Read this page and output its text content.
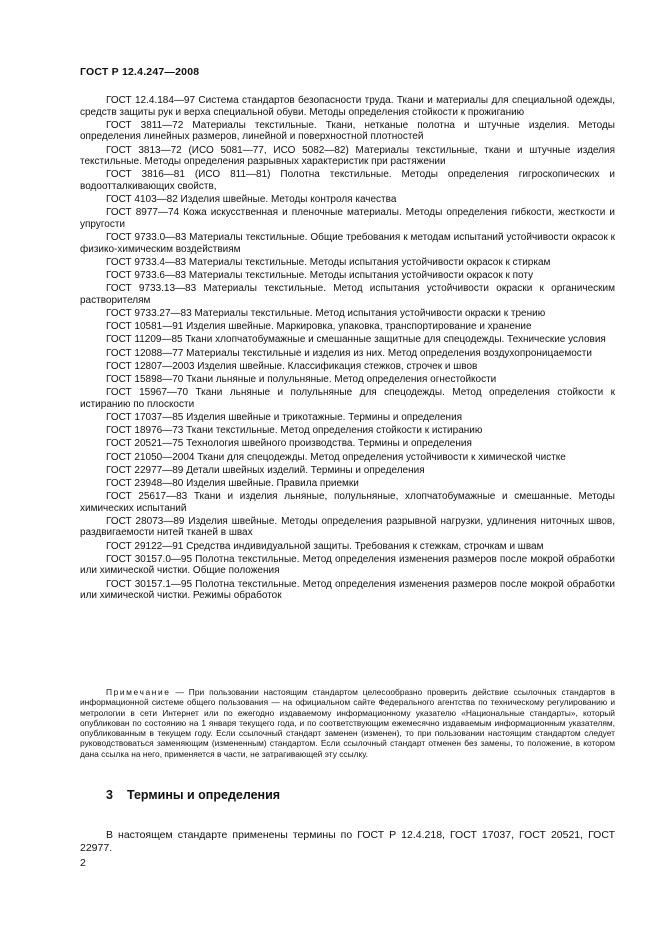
ГОСТ Р 12.4.247—2008

ГОСТ 12.4.184—97 Система стандартов безопасности труда. Ткани и материалы для специальной одежды, средств защиты рук и верха специальной обуви. Методы определения стойкости к прожиганию

ГОСТ 3811—72 Материалы текстильные. Ткани, нетканые полотна и штучные изделия. Методы определения линейных размеров, линейной и поверхностной плотностей

ГОСТ 3813—72 (ИСО 5081—77, ИСО 5082—82) Материалы текстильные, ткани и штучные изделия текстильные. Методы определения разрывных характеристик при растяжении

ГОСТ 3816—81 (ИСО 811—81) Полотна текстильные. Методы определения гигроскопических и водоотталкивающих свойств,

ГОСТ 4103—82 Изделия швейные. Методы контроля качества

ГОСТ 8977—74 Кожа искусственная и пленочные материалы. Методы определения гибкости, жесткости и упругости

ГОСТ 9733.0—83 Материалы текстильные. Общие требования к методам испытаний устойчивости окрасок к физико-химическим воздействиям

ГОСТ 9733.4—83 Материалы текстильные. Методы испытания устойчивости окрасок к стиркам

ГОСТ 9733.6—83 Материалы текстильные. Методы испытания устойчивости окрасок к поту

ГОСТ 9733.13—83 Материалы текстильные. Метод испытания устойчивости окраски к органическим растворителям

ГОСТ 9733.27—83 Материалы текстильные. Метод испытания устойчивости окраски к трению

ГОСТ 10581—91 Изделия швейные. Маркировка, упаковка, транспортирование и хранение

ГОСТ 11209—85 Ткани хлопчатобумажные и смешанные защитные для спецодежды. Технические условия

ГОСТ 12088—77 Материалы текстильные и изделия из них. Метод определения воздухопроницаемости

ГОСТ 12807—2003 Изделия швейные. Классификация стежков, строчек и швов

ГОСТ 15898—70 Ткани льняные и полульняные. Метод определения огнестойкости

ГОСТ 15967—70 Ткани льняные и полульняные для спецодежды. Метод определения стойкости к истиранию по плоскости

ГОСТ 17037—85 Изделия швейные и трикотажные. Термины и определения

ГОСТ 18976—73 Ткани текстильные. Метод определения стойкости к истиранию

ГОСТ 20521—75 Технология швейного производства. Термины и определения

ГОСТ 21050—2004 Ткани для спецодежды. Метод определения устойчивости к химической чистке

ГОСТ 22977—89 Детали швейных изделий. Термины и определения

ГОСТ 23948—80 Изделия швейные. Правила приемки

ГОСТ 25617—83 Ткани и изделия льняные, полульняные, хлопчатобумажные и смешанные. Методы химических испытаний

ГОСТ 28073—89 Изделия швейные. Методы определения разрывной нагрузки, удлинения ниточных швов, раздвигаемости нитей тканей в швах

ГОСТ 29122—91 Средства индивидуальной защиты. Требования к стежкам, строчкам и швам

ГОСТ 30157.0—95 Полотна текстильные. Метод определения изменения размеров после мокрой обработки или химической чистки. Общие положения

ГОСТ 30157.1—95 Полотна текстильные. Метод определения изменения размеров после мокрой обработки или химической чистки. Режимы обработок

Примечание — При пользовании настоящим стандартом целесообразно проверить действие ссылочных стандартов в информационной системе общего пользования — на официальном сайте Федерального агентства по техническому регулированию и метрологии в сети Интернет или по ежегодно издаваемому информационному указателю «Национальные стандарты», который опубликован по состоянию на 1 января текущего года, и по соответствующим ежемесячно издаваемым информационным указателям, опубликованным в текущем году. Если ссылочный стандарт заменен (изменен), то при пользовании настоящим стандартом следует руководствоваться заменяющим (измененным) стандартом. Если ссылочный стандарт отменен без замены, то положение, в котором дана ссылка на него, применяется в части, не затрагивающей эту ссылку.
3 Термины и определения

В настоящем стандарте применены термины по ГОСТ Р 12.4.218, ГОСТ 17037, ГОСТ 20521, ГОСТ 22977.

2
